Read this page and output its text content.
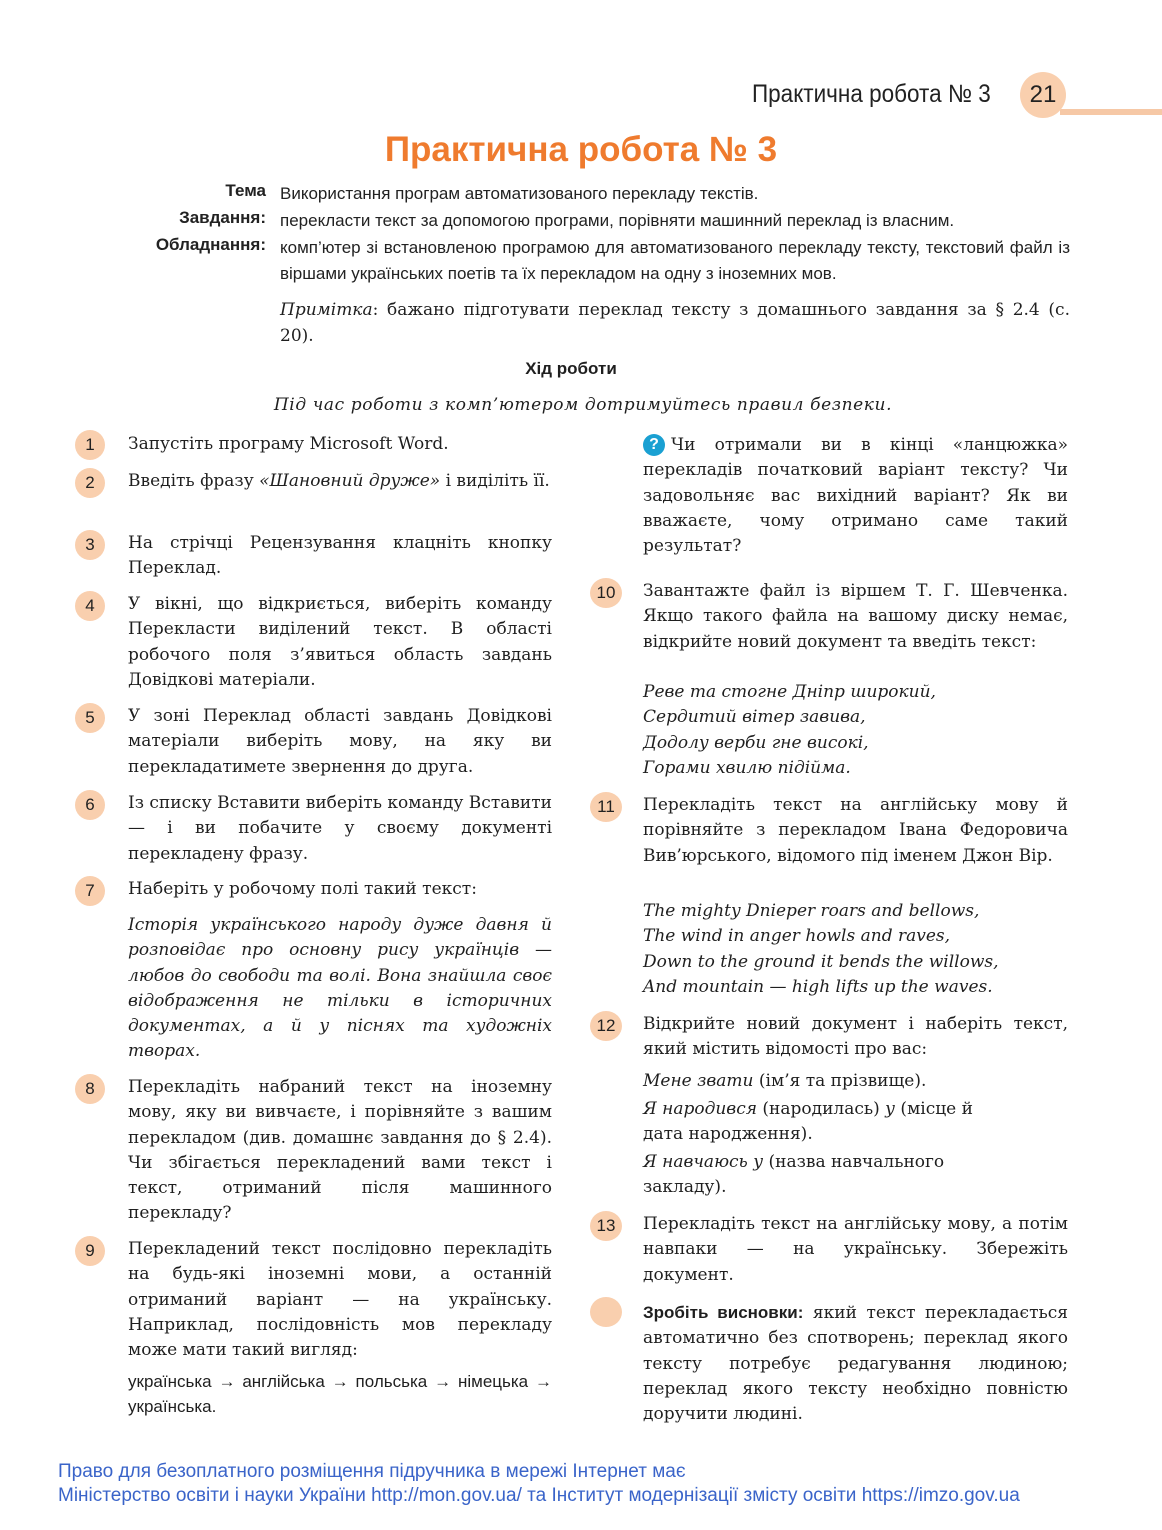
Практична робота № 3	21
Практична робота № 3
Тема Використання програм автоматизованого перекладу текстів.
Завдання: перекласти текст за допомогою програми, порівняти машинний переклад із власним.
Обладнання: комп’ютер зі встановленою програмою для автоматизованого перекладу тексту, текстовий файл із віршами українських поетів та їх перекладом на одну з іноземних мов.
Примітка: бажано підготувати переклад тексту з домашнього завдання за § 2.4 (с. 20).
Хід роботи
Під час роботи з комп’ютером дотримуйтесь правил безпеки.
1	Запустіть програму Microsoft Word.
2	Введіть фразу «Шановний друже» і виділіть її.
3	На стрічці Рецензування клацніть кнопку Переклад.
4	У вікні, що відкриється, виберіть команду Перекласти виділений текст. В області робочого поля з’явиться область завдань Довідкові матеріали.
5	У зоні Переклад області завдань Довідкові матеріали виберіть мову, на яку ви перекладатимете звернення до друга.
6	Із списку Вставити виберіть команду Вставити — і ви побачите у своєму документі перекладену фразу.
7	Наберіть у робочому полі такий текст:
Історія українського народу дуже давня й розповідає про основну рису українців — любов до свободи та волі. Вона знайшла своє відображення не тільки в історичних документах, а й у піснях та художніх творах.
8	Перекладіть набраний текст на іноземну мову, яку ви вивчаєте, і порівняйте з вашим перекладом (див. домашнє завдання до § 2.4). Чи збігається перекладений вами текст і текст, отриманий після машинного перекладу?
9	Перекладений текст послідовно перекладіть на будь-які іноземні мови, а останній отриманий варіант — на українську. Наприклад, послідовність мов перекладу може мати такий вигляд:
українська → англійська → польська → німецька → українська.
? Чи отримали ви в кінці «ланцюжка» перекладів початковий варіант тексту? Чи задовольняє вас вихідний варіант? Як ви вважаєте, чому отримано саме такий результат?
10	Завантажте файл із віршем Т. Г. Шевченка. Якщо такого файла на вашому диску немає, відкрийте новий документ та введіть текст:
Реве та стогне Дніпр широкий,
Сердитий вітер завива,
Додолу верби гне високі,
Горами хвилю підійма.
11	Перекладіть текст на англійську мову й порівняйте з перекладом Івана Федоровича Вив’юрського, відомого під іменем Джон Вір.
The mighty Dnieper roars and bellows,
The wind in anger howls and raves,
Down to the ground it bends the willows,
And mountain — high lifts up the waves.
12	Відкрийте новий документ і наберіть текст, який містить відомості про вас:
Мене звати (ім’я та прізвище).
Я народився (народилась) у (місце й дата народження).
Я навчаюсь у (назва навчального закладу).
13	Перекладіть текст на англійську мову, а потім навпаки — на українську. Збережіть документ.
Зробіть висновки: який текст перекладається автоматично без спотворень; переклад якого тексту потребує редагування людиною; переклад якого тексту необхідно повністю доручити людині.
Право для безоплатного розміщення підручника в мережі Інтернет має
Міністерство освіти і науки України http://mon.gov.ua/ та Інститут модернізації змісту освіти https://imzo.gov.ua
